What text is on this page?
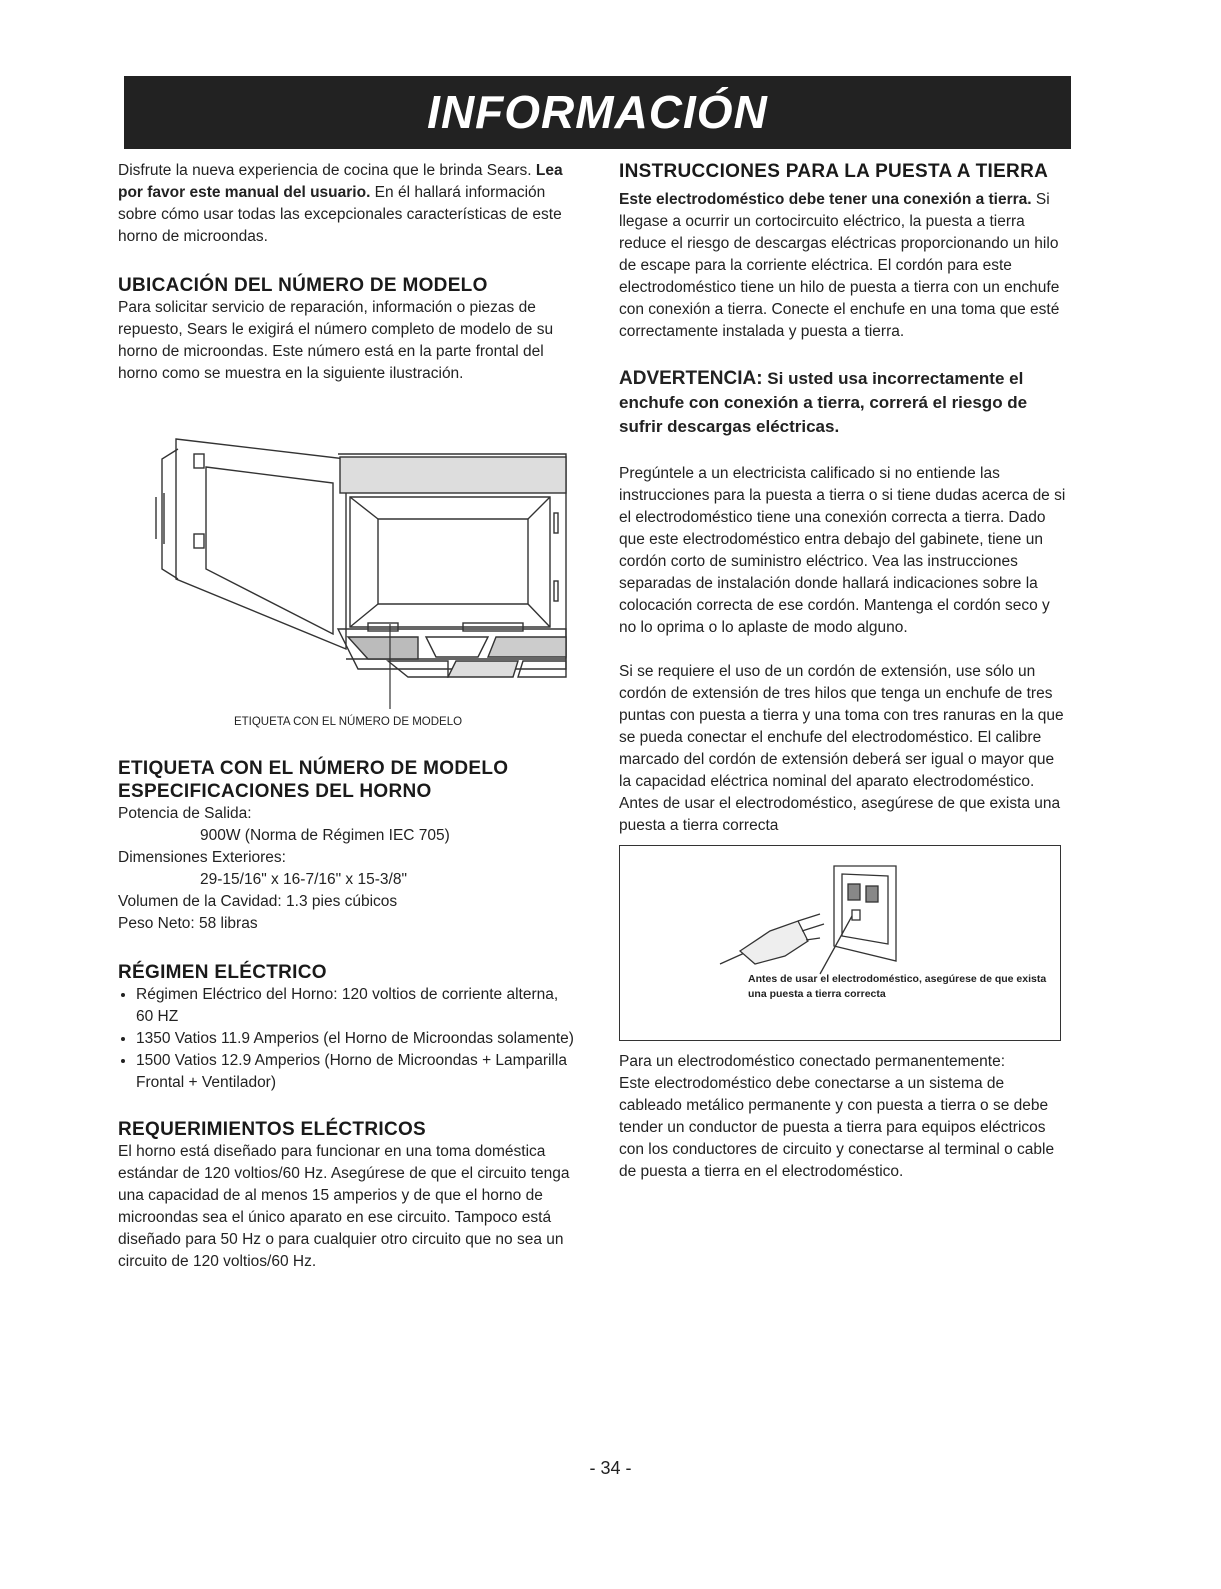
INFORMACIÓN

Disfrute la nueva experiencia de cocina que le brinda Sears. Lea por favor este manual del usuario. En él hallará información sobre cómo usar todas las excepcionales características de este horno de microondas.

UBICACIÓN DEL NÚMERO DE MODELO

Para solicitar servicio de reparación, información o piezas de repuesto, Sears le exigirá el número completo de modelo de su horno de microondas. Este número está en la parte frontal del horno como se muestra en la siguiente ilustración.

ETIQUETA CON EL NÚMERO DE MODELO
ETIQUETA CON EL NÚMERO DE MODELO
ESPECIFICACIONES DEL HORNO

Potencia de Salida:

900W (Norma de Régimen IEC 705)

Dimensiones Exteriores:

29-15/16" x 16-7/16" x 15-3/8"

Volumen de la Cavidad: 1.3 pies cúbicos

Peso Neto: 58 libras

RÉGIMEN ELÉCTRICO
• Régimen Eléctrico del Horno: 120 voltios de corriente alterna, 60 HZ
• 1350 Vatios 11.9 Amperios (el Horno de Microondas solamente)
• 1500 Vatios 12.9 Amperios (Horno de Microondas + Lamparilla Frontal + Ventilador)
REQUERIMIENTOS ELÉCTRICOS

El horno está diseñado para funcionar en una toma doméstica estándar de 120 voltios/60 Hz. Asegúrese de que el circuito tenga una capacidad de al menos 15 amperios y de que el horno de microondas sea el único aparato en ese circuito. Tampoco está diseñado para 50 Hz o para cualquier otro circuito que no sea un circuito de 120 voltios/60 Hz.

INSTRUCCIONES PARA LA PUESTA A TIERRA

Este electrodoméstico debe tener una conexión a tierra. Si llegase a ocurrir un cortocircuito eléctrico, la puesta a tierra reduce el riesgo de descargas eléctricas proporcionando un hilo de escape para la corriente eléctrica. El cordón para este electrodoméstico tiene un hilo de puesta a tierra con un enchufe con conexión a tierra. Conecte el enchufe en una toma que esté correctamente instalada y puesta a tierra.

ADVERTENCIA: Si usted usa incorrectamente el enchufe con conexión a tierra, correrá el riesgo de sufrir descargas eléctricas.

Pregúntele a un electricista calificado si no entiende las instrucciones para la puesta a tierra o si tiene dudas acerca de si el electrodoméstico tiene una conexión correcta a tierra. Dado que este electrodoméstico entra debajo del gabinete, tiene un cordón corto de suministro eléctrico. Vea las instrucciones separadas de instalación donde hallará indicaciones sobre la colocación correcta de ese cordón. Mantenga el cordón seco y no lo oprima o lo aplaste de modo alguno.

Si se requiere el uso de un cordón de extensión, use sólo un cordón de extensión de tres hilos que tenga un enchufe de tres puntas con puesta a tierra y una toma con tres ranuras en la que se pueda conectar el enchufe del electrodoméstico. El calibre marcado del cordón de extensión deberá ser igual o mayor que la capacidad eléctrica nominal del aparato electrodoméstico. Antes de usar el electrodoméstico, asegúrese de que exista una puesta a tierra correcta

Antes de usar el electrodoméstico, asegúrese de que exista una puesta a tierra correcta

Para un electrodoméstico conectado permanentemente:

Este electrodoméstico debe conectarse a un sistema de cableado metálico permanente y con puesta a tierra o se debe tender un conductor de puesta a tierra para equipos eléctricos con los conductores de circuito y conectarse al terminal o cable de puesta a tierra en el electrodoméstico.

- 34 -
